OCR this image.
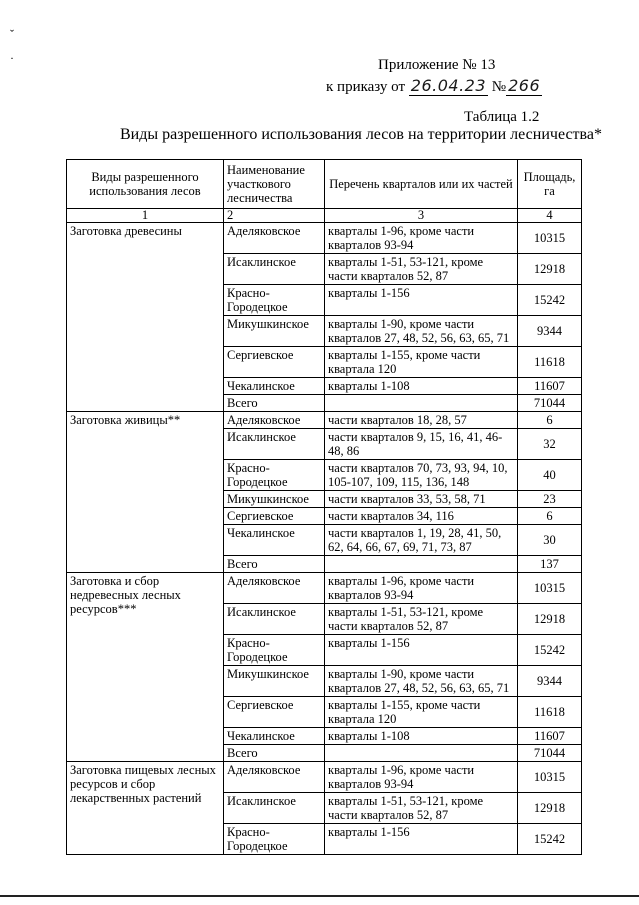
ˇ
·	Приложение № 13
к приказу от 26.04.23 № 266
Таблица 1.2
Виды разрешенного использования лесов на территории лесничества*
Виды разрешенного использования лесов	Наименование участкового лесничества	Перечень кварталов или их частей	Площадь, га
1	2	3	4
Заготовка древесины	Аделяковское	кварталы 1-96, кроме части кварталов 93-94	10315
	Исаклинское	кварталы 1-51, 53-121, кроме части кварталов 52, 87	12918
	Красно-Городецкое	кварталы 1-156	15242
	Микушкинское	кварталы 1-90, кроме части кварталов 27, 48, 52, 56, 63, 65, 71	9344
	Сергиевское	кварталы 1-155, кроме части квартала 120	11618
	Чекалинское	кварталы 1-108	11607
	Всего		71044
Заготовка живицы**	Аделяковское	части кварталов 18, 28, 57	6
	Исаклинское	части кварталов 9, 15, 16, 41, 46-48, 86	32
	Красно-Городецкое	части кварталов 70, 73, 93, 94, 10, 105-107, 109, 115, 136, 148	40
	Микушкинское	части кварталов 33, 53, 58, 71	23
	Сергиевское	части кварталов 34, 116	6
	Чекалинское	части кварталов 1, 19, 28, 41, 50, 62, 64, 66, 67, 69, 71, 73, 87	30
	Всего		137
Заготовка и сбор недревесных лесных ресурсов***	Аделяковское	кварталы 1-96, кроме части кварталов 93-94	10315
	Исаклинское	кварталы 1-51, 53-121, кроме части кварталов 52, 87	12918
	Красно-Городецкое	кварталы 1-156	15242
	Микушкинское	кварталы 1-90, кроме части кварталов 27, 48, 52, 56, 63, 65, 71	9344
	Сергиевское	кварталы 1-155, кроме части квартала 120	11618
	Чекалинское	кварталы 1-108	11607
	Всего		71044
Заготовка пищевых лесных ресурсов и сбор лекарственных растений	Аделяковское	кварталы 1-96, кроме части кварталов 93-94	10315
	Исаклинское	кварталы 1-51, 53-121, кроме части кварталов 52, 87	12918
	Красно-Городецкое	кварталы 1-156	15242
